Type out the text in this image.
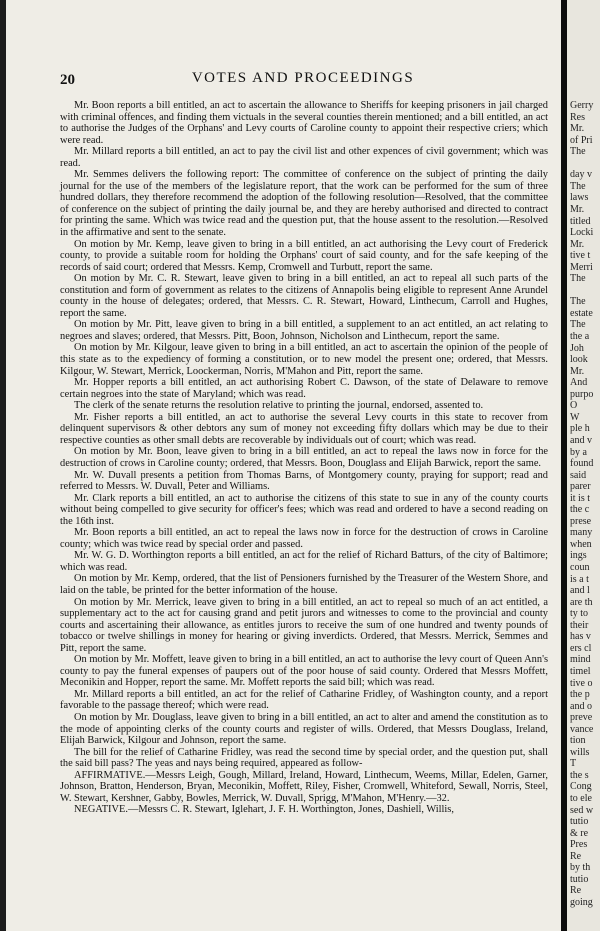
20	VOTES AND PROCEEDINGS

Mr. Boon reports a bill entitled, an act to ascertain the allowance to Sheriffs for keeping prisoners in jail charged with criminal offences, and finding them victuals in the several counties therein mentioned; and a bill entitled, an act to authorise the Judges of the Orphans' and Levy courts of Caroline county to appoint their respective criers; which were read.

Mr. Millard reports a bill entitled, an act to pay the civil list and other expences of civil government; which was read.

Mr. Semmes delivers the following report: The committee of conference on the subject of printing the daily journal for the use of the members of the legislature report, that the work can be performed for the sum of three hundred dollars, they therefore recommend the adoption of the following resolution—Resolved, that the committee of conference on the subject of printing the daily journal be, and they are hereby authorised and directed to contract for printing the same. Which was twice read and the question put, that the house assent to the resolution.—Resolved in the affirmative and sent to the senate.

On motion by Mr. Kemp, leave given to bring in a bill entitled, an act authorising the Levy court of Frederick county, to provide a suitable room for holding the Orphans' court of said county, and for the safe keeping of the records of said court; ordered that Messrs. Kemp, Cromwell and Turbutt, report the same.

On motion by Mr. C. R. Stewart, leave given to bring in a bill entitled, an act to repeal all such parts of the constitution and form of government as relates to the citizens of Annapolis being eligible to represent Anne Arundel county in the house of delegates; ordered, that Messrs. C. R. Stewart, Howard, Linthecum, Carroll and Hughes, report the same.

On motion by Mr. Pitt, leave given to bring in a bill entitled, a supplement to an act entitled, an act relating to negroes and slaves; ordered, that Messrs. Pitt, Boon, Johnson, Nicholson and Linthecum, report the same.

On motion by Mr. Kilgour, leave given to bring in a bill entitled, an act to ascertain the opinion of the people of this state as to the expediency of forming a constitution, or to new model the present one; ordered, that Messrs. Kilgour, W. Stewart, Merrick, Loockerman, Norris, M'Mahon and Pitt, report the same.

Mr. Hopper reports a bill entitled, an act authorising Robert C. Dawson, of the state of Delaware to remove certain negroes into the state of Maryland; which was read.

The clerk of the senate returns the resolution relative to printing the journal, endorsed, assented to.

Mr. Fisher reports a bill entitled, an act to authorise the several Levy courts in this state to recover from delinquent supervisors & other debtors any sum of money not exceeding fifty dollars which may be due to their respective counties as other small debts are recoverable by individuals out of court; which was read.

On motion by Mr. Boon, leave given to bring in a bill entitled, an act to repeal the laws now in force for the destruction of crows in Caroline county; ordered, that Messrs. Boon, Douglass and Elijah Barwick, report the same.

Mr. W. Duvall presents a petition from Thomas Barns, of Montgomery county, praying for support; read and referred to Messrs. W. Duvall, Peter and Williams.

Mr. Clark reports a bill entitled, an act to authorise the citizens of this state to sue in any of the county courts without being compelled to give security for officer's fees; which was read and ordered to have a second reading on the 16th inst.

Mr. Boon reports a bill entitled, an act to repeal the laws now in force for the destruction of crows in Caroline county; which was twice read by special order and passed.

Mr. W. G. D. Worthington reports a bill entitled, an act for the relief of Richard Batturs, of the city of Baltimore; which was read.

On motion by Mr. Kemp, ordered, that the list of Pensioners furnished by the Treasurer of the Western Shore, and laid on the table, be printed for the better information of the house.

On motion by Mr. Merrick, leave given to bring in a bill entitled, an act to repeal so much of an act entitled, a supplementary act to the act for causing grand and petit jurors and witnesses to come to the provincial and county courts and ascertaining their allowance, as entitles jurors to receive the sum of one hundred and twenty pounds of tobacco or twelve shillings in money for hearing or giving inverdicts. Ordered, that Messrs. Merrick, Semmes and Pitt, report the same.

On motion by Mr. Moffett, leave given to bring in a bill entitled, an act to authorise the levy court of Queen Ann's county to pay the funeral expenses of paupers out of the poor house of said county. Ordered that Messrs Moffett, Meconikin and Hopper, report the same. Mr. Moffett reports the said bill; which was read.

Mr. Millard reports a bill entitled, an act for the relief of Catharine Fridley, of Washington county, and a report favorable to the passage thereof; which were read.

On motion by Mr. Douglass, leave given to bring in a bill entitled, an act to alter and amend the constitution as to the mode of appointing clerks of the county courts and register of wills. Ordered, that Messrs Douglass, Ireland, Elijah Barwick, Kilgour and Johnson, report the same.

The bill for the relief of Catharine Fridley, was read the second time by special order, and the question put, shall the said bill pass? The yeas and nays being required, appeared as follow-

AFFIRMATIVE.—Messrs Leigh, Gough, Millard, Ireland, Howard, Linthecum, Weems, Millar, Edelen, Garner, Johnson, Bratton, Henderson, Bryan, Meconikin, Moffett, Riley, Fisher, Cromwell, Whiteford, Sewall, Norris, Steel, W. Stewart, Kershner, Gabby, Bowles, Merrick, W. Duvall, Sprigg, M'Mahon, M'Henry.—32.

NEGATIVE.—Messrs C. R. Stewart, Iglehart, J. F. H. Worthington, Jones, Dashiell, Willis,

Gerry
Res
Mr.
of Pri
The
day v
The
laws
Mr.
titled
Locki
Mr.
tive t
Merri
The
The
estate
The
the a
Joh
look
Mr.
And
purpo
O
W
ple h
and v
by a
found
said
parer
it is t
the c
prese
many
when
ings
coun
is a t
and l
are th
ty to
their
has v
ers cl
mind
timel
tive o
the p
and o
preve
vance
tion
wills
T
the s
Cong
to ele
sed w
tutio
& re
Pres
Re
by th
tutio
Re
going
